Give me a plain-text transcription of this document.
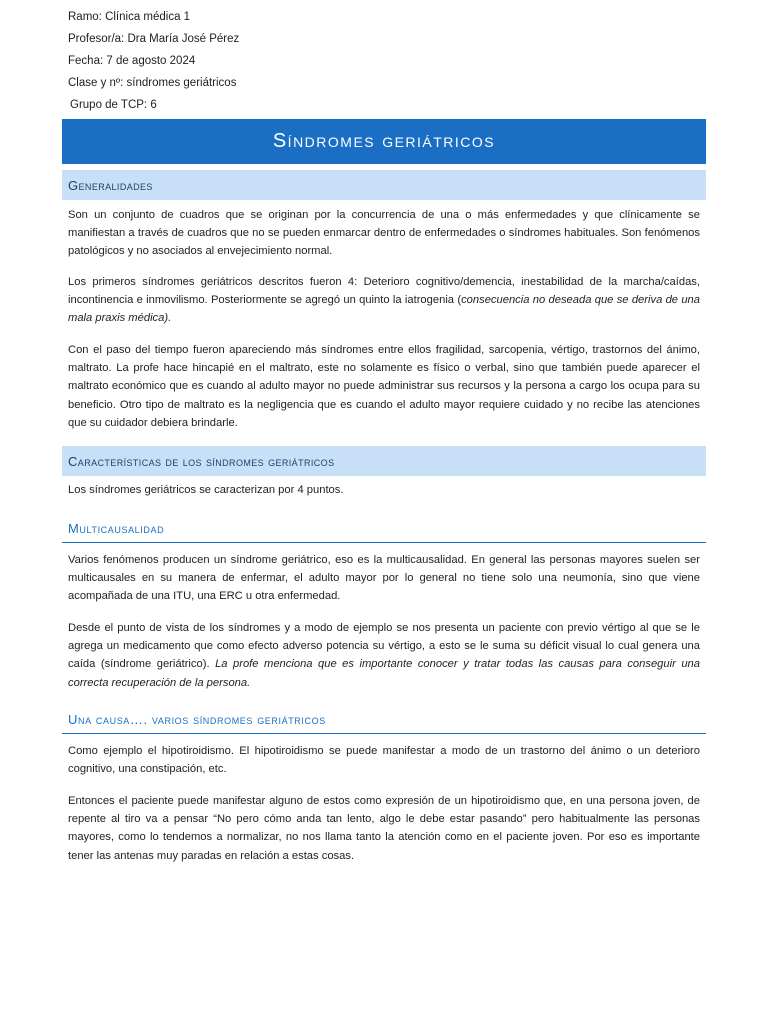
Ramo: Clínica médica 1
Profesor/a: Dra María José Pérez
Fecha: 7 de agosto 2024
Clase y nº: síndromes geriátricos
Grupo de TCP: 6
Síndromes geriátricos
Generalidades
Son un conjunto de cuadros que se originan por la concurrencia de una o más enfermedades y que clínicamente se manifiestan a través de cuadros que no se pueden enmarcar dentro de enfermedades o síndromes habituales. Son fenómenos patológicos y no asociados al envejecimiento normal.
Los primeros síndromes geriátricos descritos fueron 4: Deterioro cognitivo/demencia, inestabilidad de la marcha/caídas, incontinencia e inmovilismo. Posteriormente se agregó un quinto la iatrogenia (consecuencia no deseada que se deriva de una mala praxis médica).
Con el paso del tiempo fueron apareciendo más síndromes entre ellos fragilidad, sarcopenia, vértigo, trastornos del ánimo, maltrato. La profe hace hincapié en el maltrato, este no solamente es físico o verbal, sino que también puede aparecer el maltrato económico que es cuando al adulto mayor no puede administrar sus recursos y la persona a cargo los ocupa para su beneficio. Otro tipo de maltrato es la negligencia que es cuando el adulto mayor requiere cuidado y no recibe las atenciones que su cuidador debiera brindarle.
Características de los síndromes geriátricos
Los síndromes geriátricos se caracterizan por 4 puntos.
Multicausalidad
Varios fenómenos producen un síndrome geriátrico, eso es la multicausalidad. En general las personas mayores suelen ser multicausales en su manera de enfermar, el adulto mayor por lo general no tiene solo una neumonía, sino que viene acompañada de una ITU, una ERC u otra enfermedad.
Desde el punto de vista de los síndromes y a modo de ejemplo se nos presenta un paciente con previo vértigo al que se le agrega un medicamento que como efecto adverso potencia su vértigo, a esto se le suma su déficit visual lo cual genera una caída (síndrome geriátrico). La profe menciona que es importante conocer y tratar todas las causas para conseguir una correcta recuperación de la persona.
Una causa…. varios síndromes geriátricos
Como ejemplo el hipotiroidismo. El hipotiroidismo se puede manifestar a modo de un trastorno del ánimo o un deterioro cognitivo, una constipación, etc.
Entonces el paciente puede manifestar alguno de estos como expresión de un hipotiroidismo que, en una persona joven, de repente al tiro va a pensar “No pero cómo anda tan lento, algo le debe estar pasando” pero habitualmente las personas mayores, como lo tendemos a normalizar, no nos llama tanto la atención como en el paciente joven. Por eso es importante tener las antenas muy paradas en relación a estas cosas.
